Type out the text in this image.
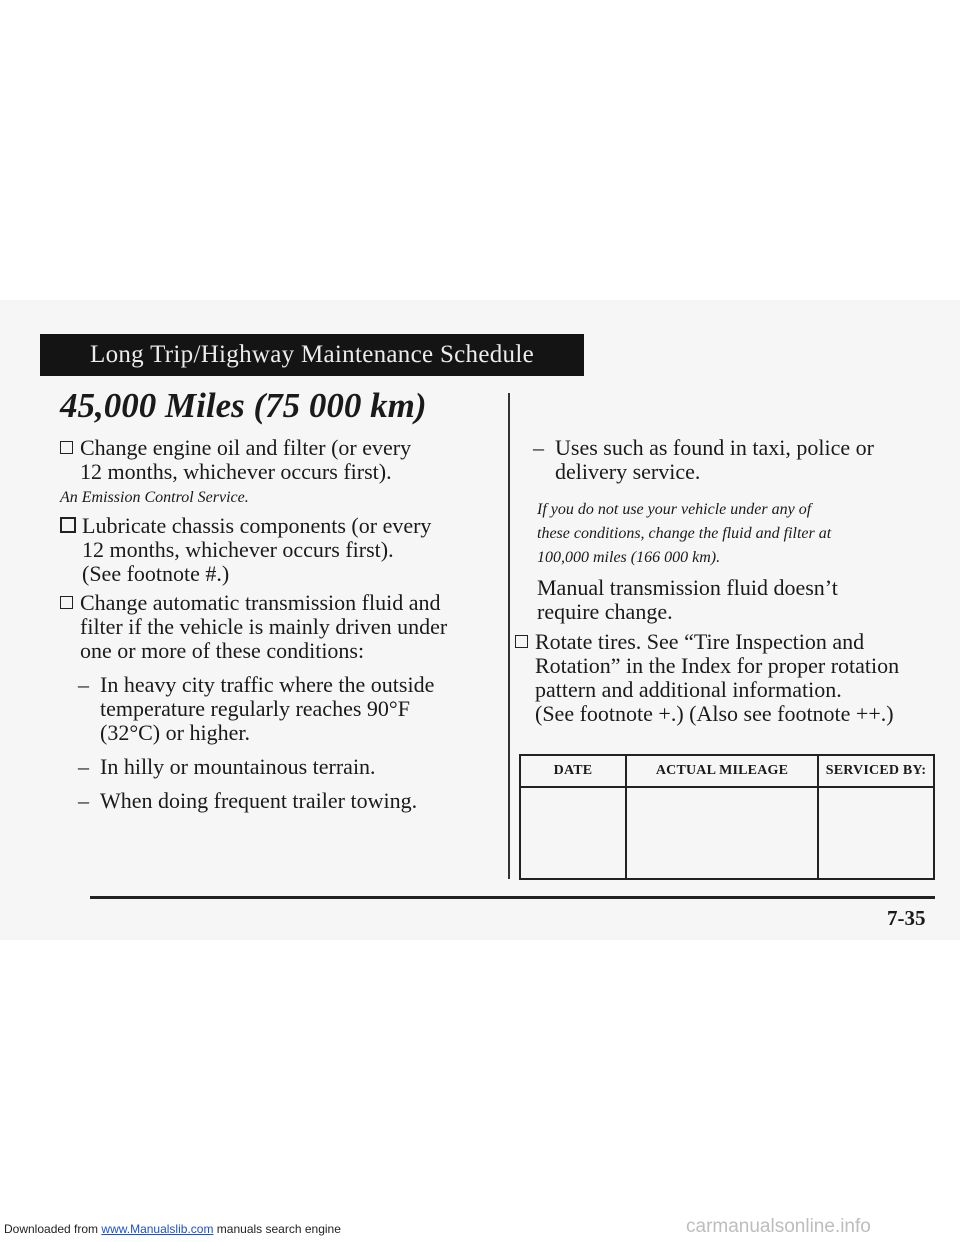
Long Trip/Highway Maintenance Schedule
45,000 Miles (75 000 km)
Change engine oil and filter (or every
12 months, whichever occurs first).
An Emission Control Service.
Lubricate chassis components (or every
12 months, whichever occurs first).
(See footnote #.)
Change automatic transmission fluid and
filter if the vehicle is mainly driven under
one or more of these conditions:
– In heavy city traffic where the outside
temperature regularly reaches 90°F
(32°C) or higher.
– In hilly or mountainous terrain.
– When doing frequent trailer towing.
– Uses such as found in taxi, police or
delivery service.
If you do not use your vehicle under any of
these conditions, change the fluid and filter at
100,000 miles (166 000 km).
Manual transmission fluid doesn’t
require change.
Rotate tires. See “Tire Inspection and
Rotation” in the Index for proper rotation
pattern and additional information.
(See footnote +.) (Also see footnote ++.)
DATE	ACTUAL MILEAGE	SERVICED BY:

7-35
Downloaded from www.Manualslib.com manuals search engine	carmanualsonline.info
